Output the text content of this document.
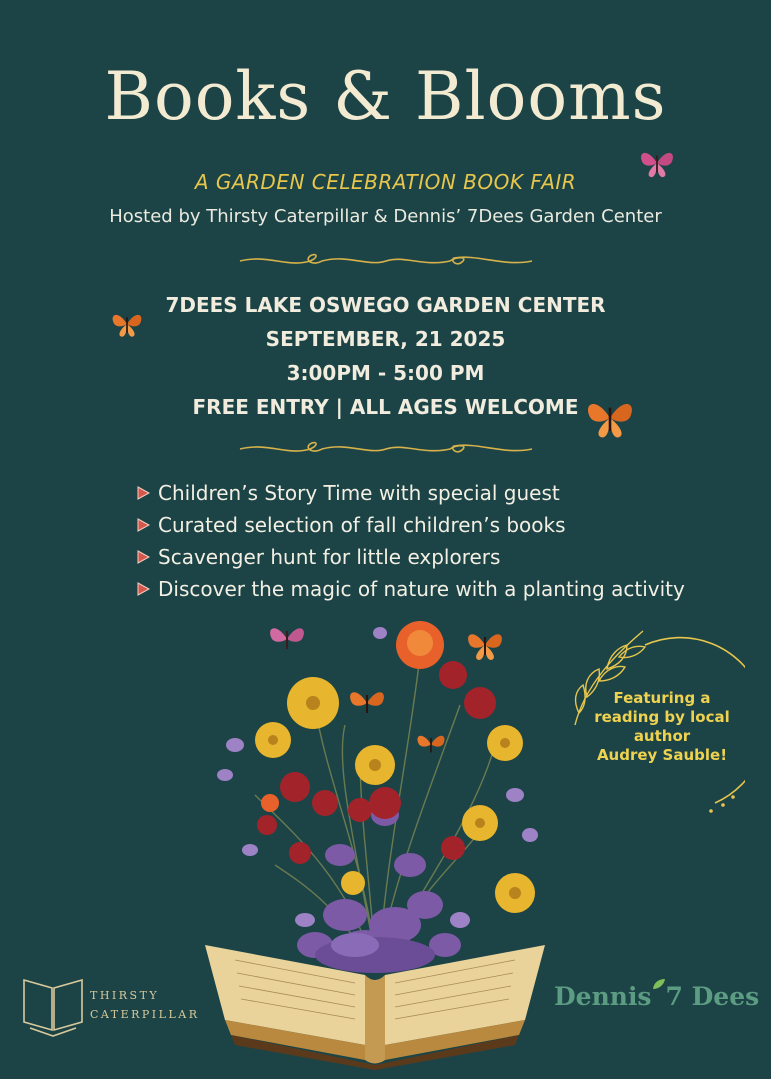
Books & Blooms
A GARDEN CELEBRATION BOOK FAIR
Hosted by Thirsty Caterpillar & Dennis’ 7Dees Garden Center
7DEES LAKE OSWEGO GARDEN CENTER
SEPTEMBER, 21 2025
3:00PM - 5:00 PM
FREE ENTRY | ALL AGES WELCOME
Children’s Story Time with special guest
Curated selection of fall children’s books
Scavenger hunt for little explorers
Discover the magic of nature with a planting activity
Featuring a
reading by local
author
Audrey Sauble!
THIRSTY
CATERPILLAR
Dennis 7 Dees
